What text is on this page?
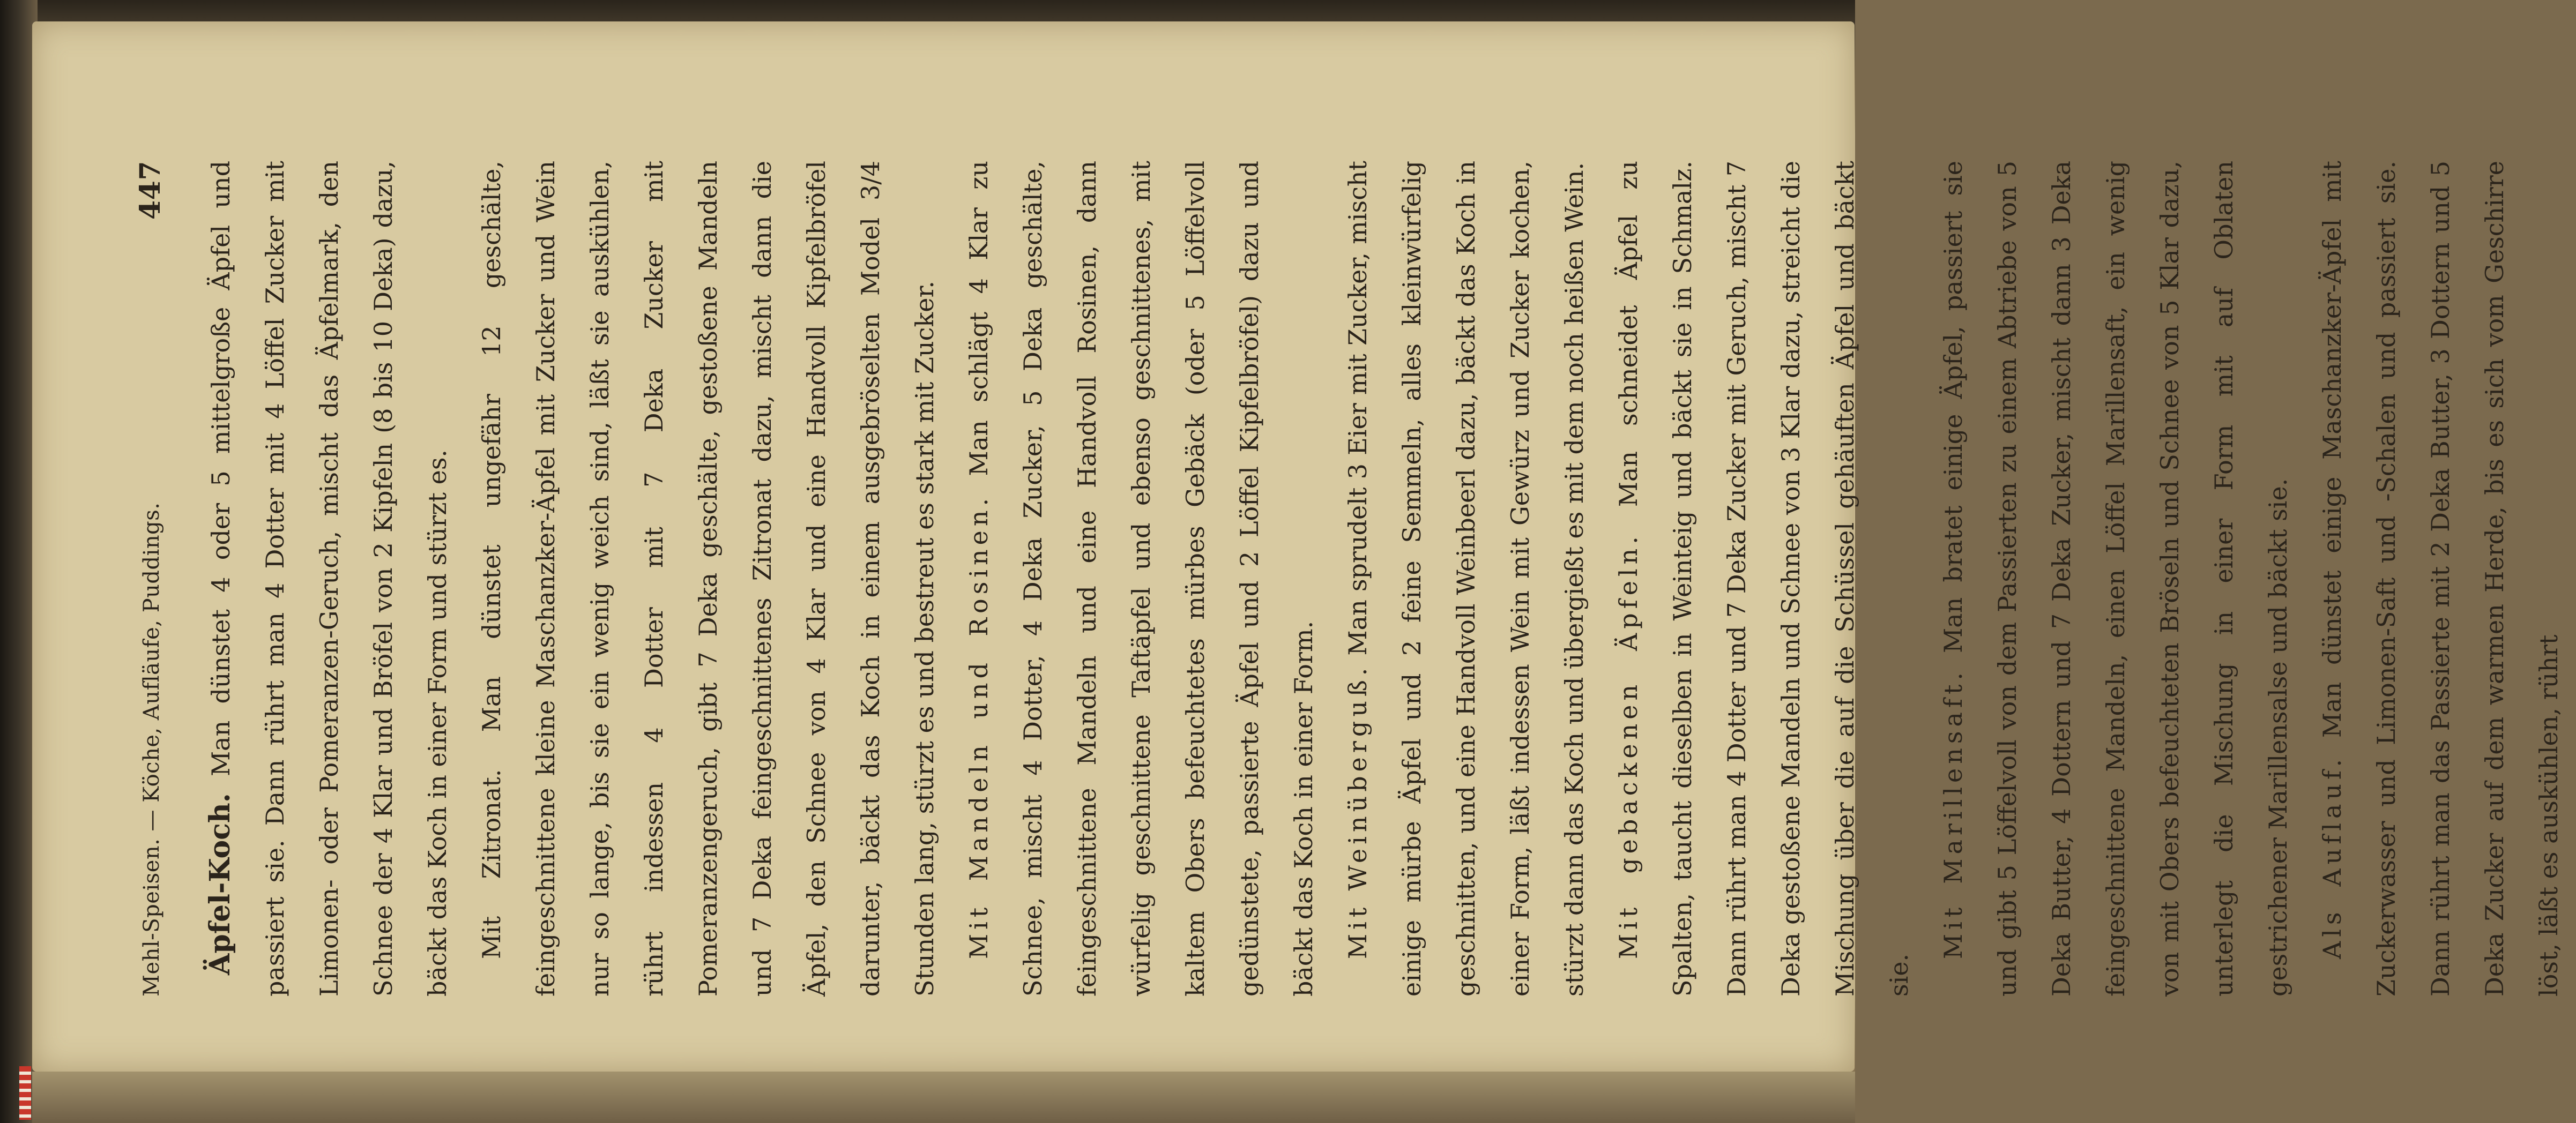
Mehl-Speisen. — Köche, Aufläufe, Puddings.
447

Äpfel-Koch. Man dünstet 4 oder 5 mittelgroße Äpfel und passiert sie. Dann rührt man 4 Dotter mit 4 Löffel Zucker mit Limonen- oder Pomeranzen-Geruch, mischt das Äpfelmark, den Schnee der 4 Klar und Bröfel von 2 Kipfeln (8 bis 10 Deka) dazu, bäckt das Koch in einer Form und stürzt es.	Mit Zitronat. Man dünstet ungefähr 12 geschälte, feingeschnittene kleine Maschanzker-Äpfel mit Zucker und Wein nur so lange, bis sie ein wenig weich sind, läßt sie auskühlen, rührt indessen 4 Dotter mit 7 Deka Zucker mit Pomeranzengeruch, gibt 7 Deka geschälte, gestoßene Mandeln und 7 Deka feingeschnittenes Zitronat dazu, mischt dann die Äpfel, den Schnee von 4 Klar und eine Handvoll Kipfelbröfel darunter, bäckt das Koch in einem ausgebröselten Model 3/4 Stunden lang, stürzt es und bestreut es stark mit Zucker.	Mit Mandeln und Rosinen. Man schlägt 4 Klar zu Schnee, mischt 4 Dotter, 4 Deka Zucker, 5 Deka geschälte, feingeschnittene Mandeln und eine Handvoll Rosinen, dann würfelig geschnittene Taftäpfel und ebenso geschnittenes, mit kaltem Obers befeuchtetes mürbes Gebäck (oder 5 Löffelvoll gedünstete, passierte Äpfel und 2 Löffel Kipfelbröfel) dazu und bäckt das Koch in einer Form.	Mit Weinüberguß. Man sprudelt 3 Eier mit Zucker, mischt einige mürbe Äpfel und 2 feine Semmeln, alles kleinwürfelig geschnitten, und eine Handvoll Weinbeerl dazu, bäckt das Koch in einer Form, läßt indessen Wein mit Gewürz und Zucker kochen, stürzt dann das Koch und übergießt es mit dem noch heißen Wein.	Mit gebackenen Äpfeln. Man schneidet Äpfel zu Spalten, taucht dieselben in Weinteig und bäckt sie in Schmalz. Dann rührt man 4 Dotter und 7 Deka Zucker mit Geruch, mischt 7 Deka gestoßene Mandeln und Schnee von 3 Klar dazu, streicht die Mischung über die auf die Schüssel gehäuften Äpfel und bäckt sie.

Mit Marillensaft. Man bratet einige Äpfel, passiert sie und gibt 5 Löffelvoll von dem Passierten zu einem Abtriebe von 5 Deka Butter, 4 Dottern und 7 Deka Zucker, mischt dann 3 Deka feingeschnittene Mandeln, einen Löffel Marillensaft, ein wenig von mit Obers befeuchteten Bröseln und Schnee von 5 Klar dazu, unterlegt die Mischung in einer Form mit auf Oblaten gestrichener Marillensalse und bäckt sie.	Als Auflauf. Man dünstet einige Maschanzker-Äpfel mit Zuckerwasser und Limonen-Saft und -Schalen und passiert sie. Dann rührt man das Passierte mit 2 Deka Butter, 3 Dottern und 5 Deka Zucker auf dem warmen Herde, bis es sich vom Geschirre löst, läßt es auskühlen, rührt
